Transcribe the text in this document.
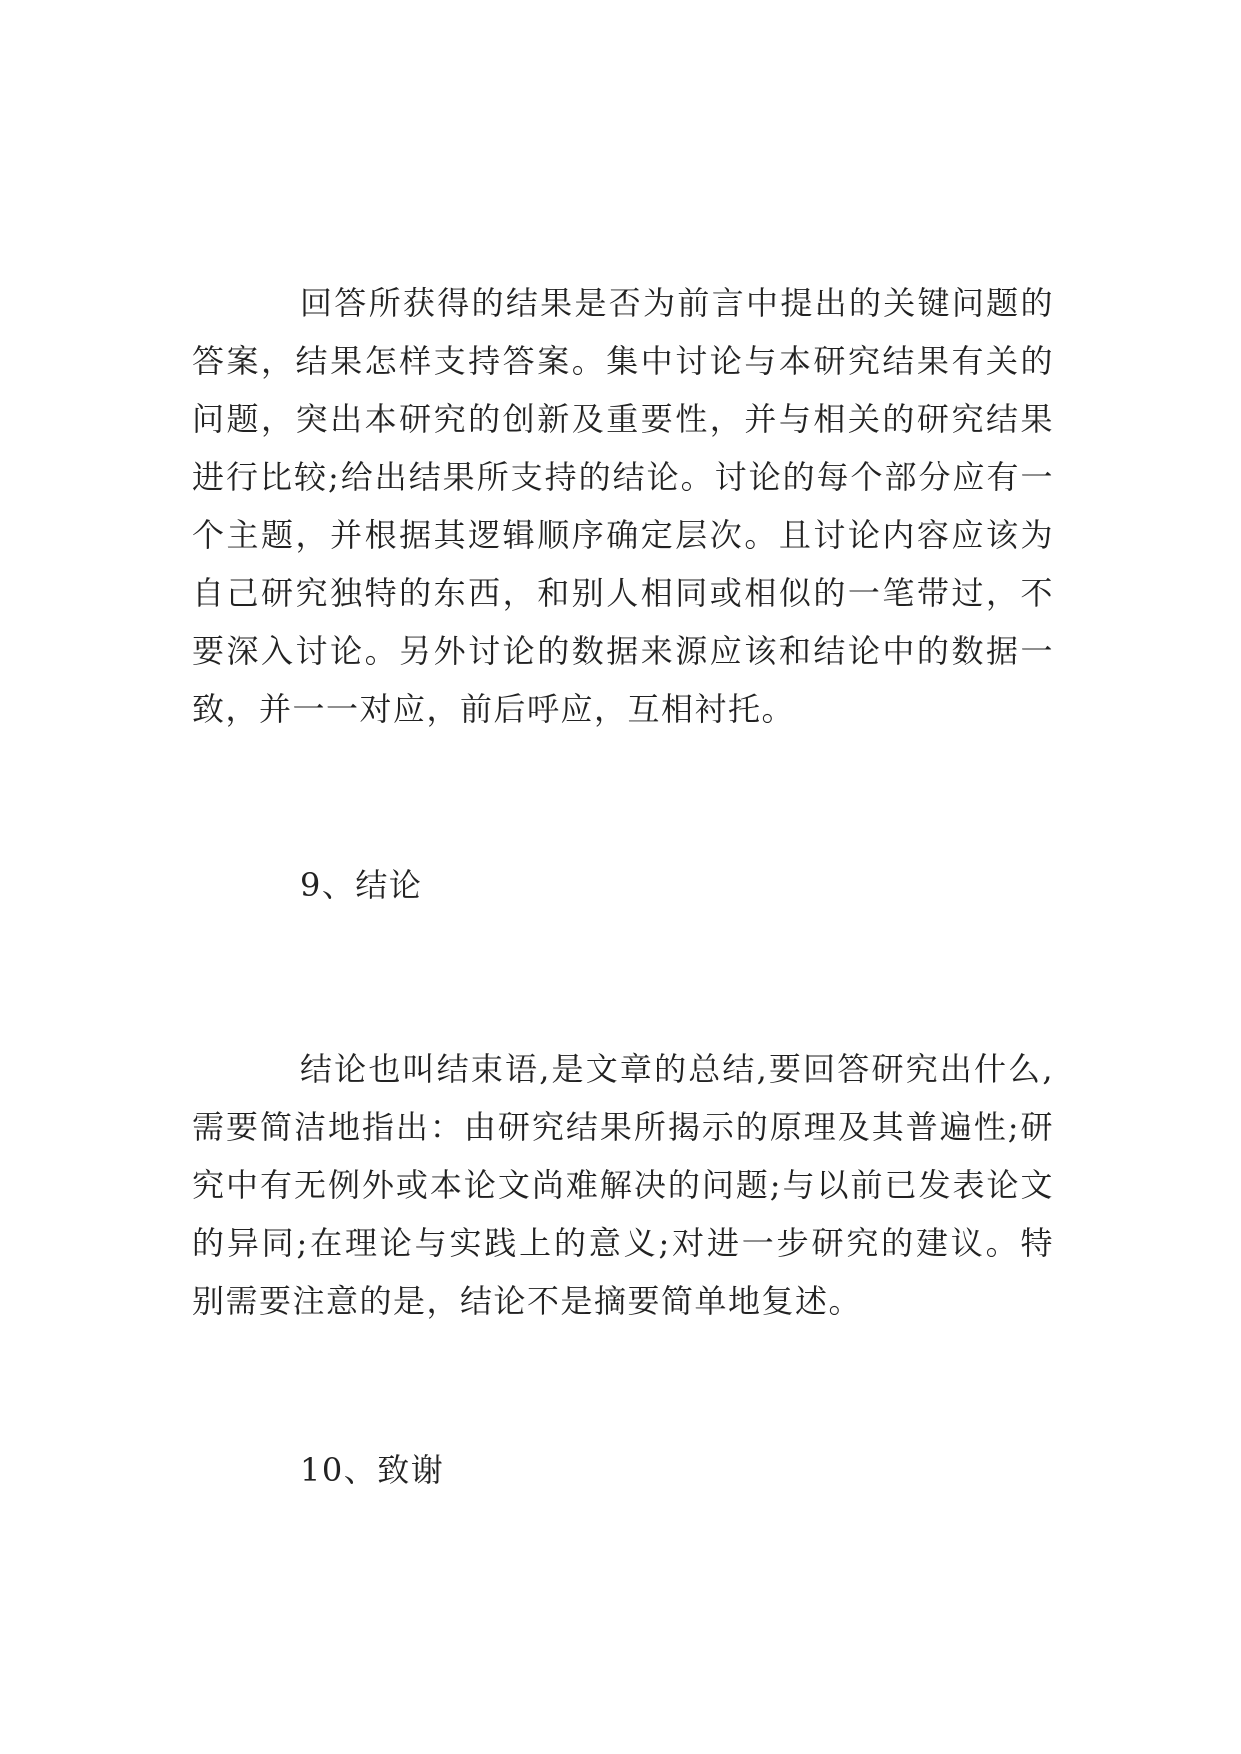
回答所获得的结果是否为前言中提出的关键问题的答案，结果怎样支持答案。集中讨论与本研究结果有关的问题，突出本研究的创新及重要性，并与相关的研究结果进行比较;给出结果所支持的结论。讨论的每个部分应有一个主题，并根据其逻辑顺序确定层次。且讨论内容应该为自己研究独特的东西，和别人相同或相似的一笔带过，不要深入讨论。另外讨论的数据来源应该和结论中的数据一致，并一一对应，前后呼应，互相衬托。

9、结论

结论也叫结束语,是文章的总结,要回答研究出什么,需要简洁地指出：由研究结果所揭示的原理及其普遍性;研究中有无例外或本论文尚难解决的问题;与以前已发表论文的异同;在理论与实践上的意义;对进一步研究的建议。特别需要注意的是，结论不是摘要简单地复述。

10、致谢
